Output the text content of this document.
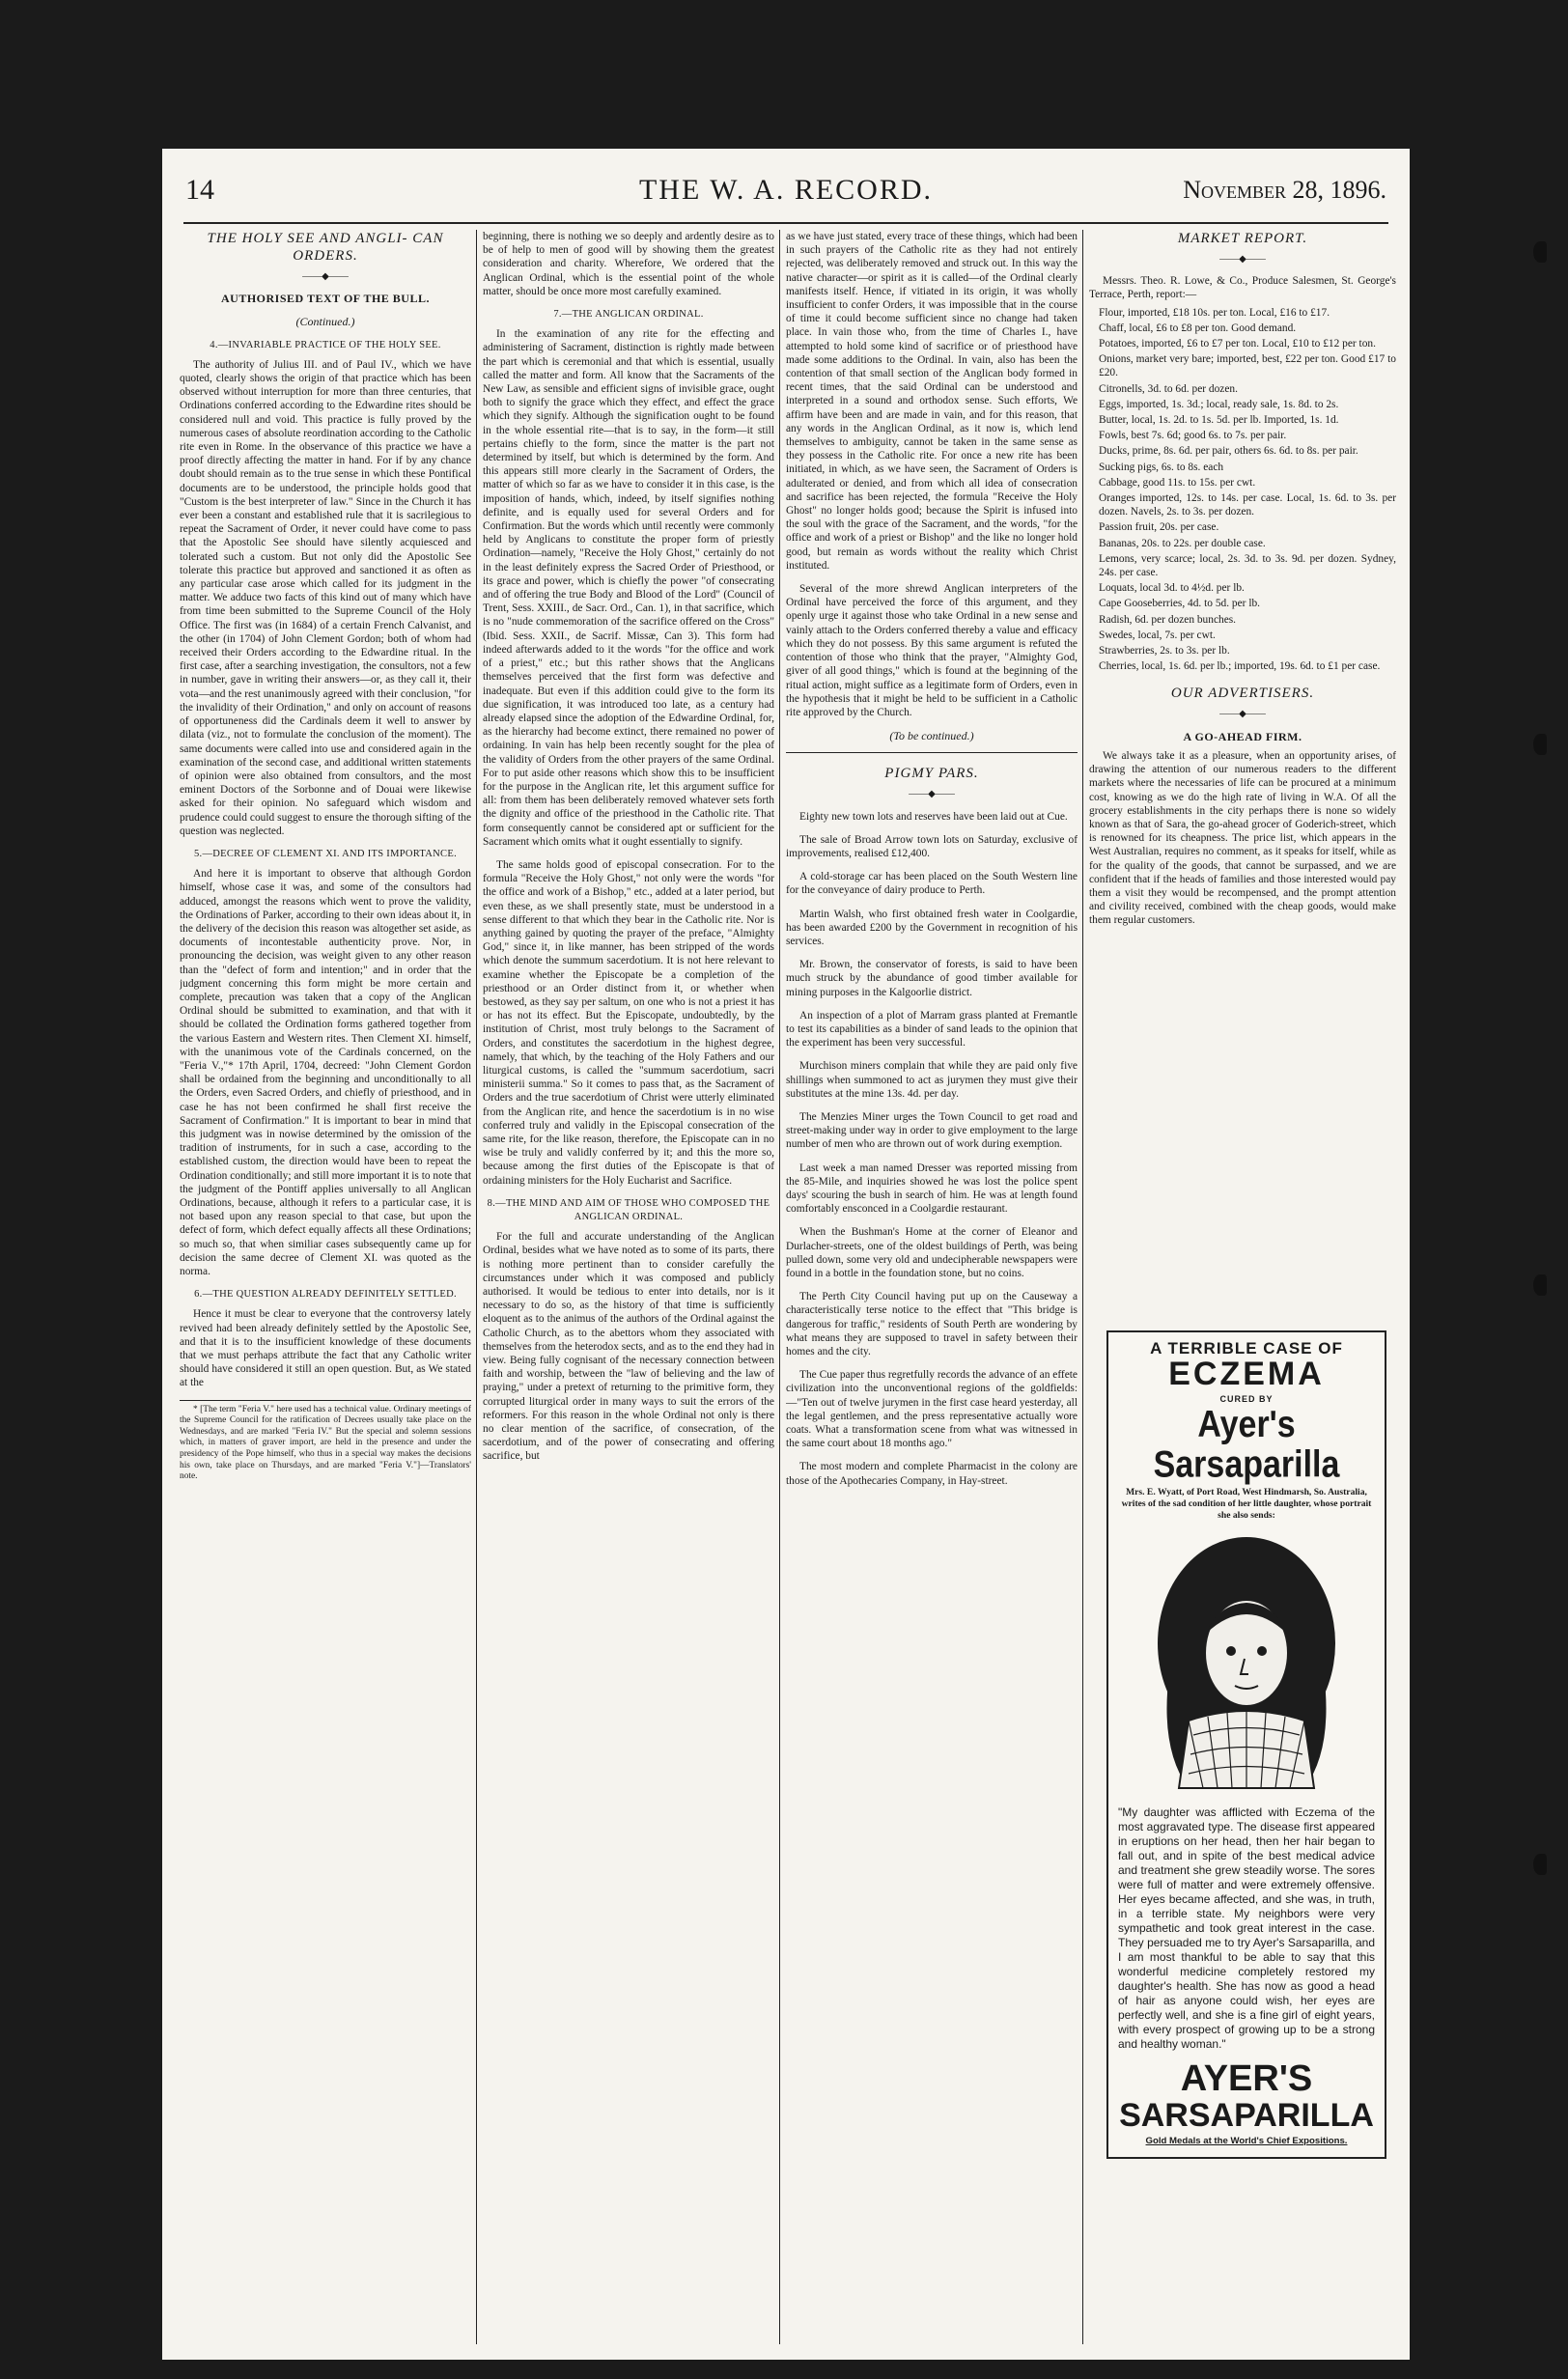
14	THE W. A. RECORD.	November 28, 1896.
THE HOLY SEE AND ANGLI- CAN ORDERS.
——◆——
AUTHORISED TEXT OF THE BULL.
(Continued.)
4.—INVARIABLE PRACTICE OF THE HOLY SEE.

The authority of Julius III. and of Paul IV., which we have quoted, clearly shows the origin of that practice which has been observed without interruption for more than three centuries, that Ordinations conferred according to the Edwardine rites should be considered null and void. This practice is fully proved by the numerous cases of absolute reordination according to the Catholic rite even in Rome. In the observance of this practice we have a proof directly affecting the matter in hand. For if by any chance doubt should remain as to the true sense in which these Pontifical documents are to be understood, the principle holds good that "Custom is the best interpreter of law." Since in the Church it has ever been a constant and established rule that it is sacrilegious to repeat the Sacrament of Order, it never could have come to pass that the Apostolic See should have silently acquiesced and tolerated such a custom. But not only did the Apostolic See tolerate this practice but approved and sanctioned it as often as any particular case arose which called for its judgment in the matter. We adduce two facts of this kind out of many which have from time been submitted to the Supreme Council of the Holy Office. The first was (in 1684) of a certain French Calvanist, and the other (in 1704) of John Clement Gordon; both of whom had received their Orders according to the Edwardine ritual. In the first case, after a searching investigation, the consultors, not a few in number, gave in writing their answers—or, as they call it, their vota—and the rest unanimously agreed with their conclusion, "for the invalidity of their Ordination," and only on account of reasons of opportuneness did the Cardinals deem it well to answer by dilata (viz., not to formulate the conclusion of the moment). The same documents were called into use and considered again in the examination of the second case, and additional written statements of opinion were also obtained from consultors, and the most eminent Doctors of the Sorbonne and of Douai were likewise asked for their opinion. No safeguard which wisdom and prudence could could suggest to ensure the thorough sifting of the question was neglected.

5.—DECREE OF CLEMENT XI. AND ITS IMPORTANCE.

And here it is important to observe that although Gordon himself, whose case it was, and some of the consultors had adduced, amongst the reasons which went to prove the validity, the Ordinations of Parker, according to their own ideas about it, in the delivery of the decision this reason was altogether set aside, as documents of incontestable authenticity prove. Nor, in pronouncing the decision, was weight given to any other reason than the "defect of form and intention;" and in order that the judgment concerning this form might be more certain and complete, precaution was taken that a copy of the Anglican Ordinal should be submitted to examination, and that with it should be collated the Ordination forms gathered together from the various Eastern and Western rites. Then Clement XI. himself, with the unanimous vote of the Cardinals concerned, on the "Feria V.,"* 17th April, 1704, decreed: "John Clement Gordon shall be ordained from the beginning and unconditionally to all the Orders, even Sacred Orders, and chiefly of priesthood, and in case he has not been confirmed he shall first receive the Sacrament of Confirmation." It is important to bear in mind that this judgment was in nowise determined by the omission of the tradition of instruments, for in such a case, according to the established custom, the direction would have been to repeat the Ordination conditionally; and still more important it is to note that the judgment of the Pontiff applies universally to all Anglican Ordinations, because, although it refers to a particular case, it is not based upon any reason special to that case, but upon the defect of form, which defect equally affects all these Ordinations; so much so, that when similiar cases subsequently came up for decision the same decree of Clement XI. was quoted as the norma.

6.—THE QUESTION ALREADY DEFINITELY SETTLED.

Hence it must be clear to everyone that the controversy lately revived had been already definitely settled by the Apostolic See, and that it is to the insufficient knowledge of these documents that we must perhaps attribute the fact that any Catholic writer should have considered it still an open question. But, as We stated at the

* [The term "Feria V." here used has a technical value. Ordinary meetings of the Supreme Council for the ratification of Decrees usually take place on the Wednesdays, and are marked "Feria IV." But the special and solemn sessions which, in matters of graver import, are held in the presence and under the presidency of the Pope himself, who thus in a special way makes the decisions his own, take place on Thursdays, and are marked "Feria V."]—Translators' note.

beginning, there is nothing we so deeply and ardently desire as to be of help to men of good will by showing them the greatest consideration and charity. Wherefore, We ordered that the Anglican Ordinal, which is the essential point of the whole matter, should be once more most carefully examined.

7.—THE ANGLICAN ORDINAL.

In the examination of any rite for the effecting and administering of Sacrament, distinction is rightly made between the part which is ceremonial and that which is essential, usually called the matter and form. All know that the Sacraments of the New Law, as sensible and efficient signs of invisible grace, ought both to signify the grace which they effect, and effect the grace which they signify. Although the signification ought to be found in the whole essential rite—that is to say, in the form—it still pertains chiefly to the form, since the matter is the part not determined by itself, but which is determined by the form. And this appears still more clearly in the Sacrament of Orders, the matter of which so far as we have to consider it in this case, is the imposition of hands, which, indeed, by itself signifies nothing definite, and is equally used for several Orders and for Confirmation. But the words which until recently were commonly held by Anglicans to constitute the proper form of priestly Ordination—namely, "Receive the Holy Ghost," certainly do not in the least definitely express the Sacred Order of Priesthood, or its grace and power, which is chiefly the power "of consecrating and of offering the true Body and Blood of the Lord" (Council of Trent, Sess. XXIII., de Sacr. Ord., Can. 1), in that sacrifice, which is no "nude commemoration of the sacrifice offered on the Cross" (Ibid. Sess. XXII., de Sacrif. Missæ, Can 3). This form had indeed afterwards added to it the words "for the office and work of a priest," etc.; but this rather shows that the Anglicans themselves perceived that the first form was defective and inadequate. But even if this addition could give to the form its due signification, it was introduced too late, as a century had already elapsed since the adoption of the Edwardine Ordinal, for, as the hierarchy had become extinct, there remained no power of ordaining. In vain has help been recently sought for the plea of the validity of Orders from the other prayers of the same Ordinal. For to put aside other reasons which show this to be insufficient for the purpose in the Anglican rite, let this argument suffice for all: from them has been deliberately removed whatever sets forth the dignity and office of the priesthood in the Catholic rite. That form consequently cannot be considered apt or sufficient for the Sacrament which omits what it ought essentially to signify.

The same holds good of episcopal consecration. For to the formula "Receive the Holy Ghost," not only were the words "for the office and work of a Bishop," etc., added at a later period, but even these, as we shall presently state, must be understood in a sense different to that which they bear in the Catholic rite. Nor is anything gained by quoting the prayer of the preface, "Almighty God," since it, in like manner, has been stripped of the words which denote the summum sacerdotium. It is not here relevant to examine whether the Episcopate be a completion of the priesthood or an Order distinct from it, or whether when bestowed, as they say per saltum, on one who is not a priest it has or has not its effect. But the Episcopate, undoubtedly, by the institution of Christ, most truly belongs to the Sacrament of Orders, and constitutes the sacerdotium in the highest degree, namely, that which, by the teaching of the Holy Fathers and our liturgical customs, is called the "summum sacerdotium, sacri ministerii summa." So it comes to pass that, as the Sacrament of Orders and the true sacerdotium of Christ were utterly eliminated from the Anglican rite, and hence the sacerdotium is in no wise conferred truly and validly in the Episcopal consecration of the same rite, for the like reason, therefore, the Episcopate can in no wise be truly and validly conferred by it; and this the more so, because among the first duties of the Episcopate is that of ordaining ministers for the Holy Eucharist and Sacrifice.

8.—THE MIND AND AIM OF THOSE WHO COMPOSED THE ANGLICAN ORDINAL.

For the full and accurate understanding of the Anglican Ordinal, besides what we have noted as to some of its parts, there is nothing more pertinent than to consider carefully the circumstances under which it was composed and publicly authorised. It would be tedious to enter into details, nor is it necessary to do so, as the history of that time is sufficiently eloquent as to the animus of the authors of the Ordinal against the Catholic Church, as to the abettors whom they associated with themselves from the heterodox sects, and as to the end they had in view. Being fully cognisant of the necessary connection between faith and worship, between the "law of believing and the law of praying," under a pretext of returning to the primitive form, they corrupted liturgical order in many ways to suit the errors of the reformers. For this reason in the whole Ordinal not only is there no clear mention of the sacrifice, of consecration, of the sacerdotium, and of the power of consecrating and offering sacrifice, but

as we have just stated, every trace of these things, which had been in such prayers of the Catholic rite as they had not entirely rejected, was deliberately removed and struck out. In this way the native character—or spirit as it is called—of the Ordinal clearly manifests itself. Hence, if vitiated in its origin, it was wholly insufficient to confer Orders, it was impossible that in the course of time it could become sufficient since no change had taken place. In vain those who, from the time of Charles I., have attempted to hold some kind of sacrifice or of priesthood have made some additions to the Ordinal. In vain, also has been the contention of that small section of the Anglican body formed in recent times, that the said Ordinal can be understood and interpreted in a sound and orthodox sense. Such efforts, We affirm have been and are made in vain, and for this reason, that any words in the Anglican Ordinal, as it now is, which lend themselves to ambiguity, cannot be taken in the same sense as they possess in the Catholic rite. For once a new rite has been initiated, in which, as we have seen, the Sacrament of Orders is adulterated or denied, and from which all idea of consecration and sacrifice has been rejected, the formula "Receive the Holy Ghost" no longer holds good; because the Spirit is infused into the soul with the grace of the Sacrament, and the words, "for the office and work of a priest or Bishop" and the like no longer hold good, but remain as words without the reality which Christ instituted.

Several of the more shrewd Anglican interpreters of the Ordinal have perceived the force of this argument, and they openly urge it against those who take Ordinal in a new sense and vainly attach to the Orders conferred thereby a value and efficacy which they do not possess. By this same argument is refuted the contention of those who think that the prayer, "Almighty God, giver of all good things," which is found at the beginning of the ritual action, might suffice as a legitimate form of Orders, even in the hypothesis that it might be held to be sufficient in a Catholic rite approved by the Church.

(To be continued.)
PIGMY PARS.
——◆——

Eighty new town lots and reserves have been laid out at Cue.

The sale of Broad Arrow town lots on Saturday, exclusive of improvements, realised £12,400.

A cold-storage car has been placed on the South Western line for the conveyance of dairy produce to Perth.

Martin Walsh, who first obtained fresh water in Coolgardie, has been awarded £200 by the Government in recognition of his services.

Mr. Brown, the conservator of forests, is said to have been much struck by the abundance of good timber available for mining purposes in the Kalgoorlie district.

An inspection of a plot of Marram grass planted at Fremantle to test its capabilities as a binder of sand leads to the opinion that the experiment has been very successful.

Murchison miners complain that while they are paid only five shillings when summoned to act as jurymen they must give their substitutes at the mine 13s. 4d. per day.

The Menzies Miner urges the Town Council to get road and street-making under way in order to give employment to the large number of men who are thrown out of work during exemption.

Last week a man named Dresser was reported missing from the 85-Mile, and inquiries showed he was lost the police spent days' scouring the bush in search of him. He was at length found comfortably ensconced in a Coolgardie restaurant.

When the Bushman's Home at the corner of Eleanor and Durlacher-streets, one of the oldest buildings of Perth, was being pulled down, some very old and undecipherable newspapers were found in a bottle in the foundation stone, but no coins.

The Perth City Council having put up on the Causeway a characteristically terse notice to the effect that "This bridge is dangerous for traffic," residents of South Perth are wondering by what means they are supposed to travel in safety between their homes and the city.

The Cue paper thus regretfully records the advance of an effete civilization into the unconventional regions of the goldfields:—"Ten out of twelve jurymen in the first case heard yesterday, all the legal gentlemen, and the press representative actually wore coats. What a transformation scene from what was witnessed in the same court about 18 months ago."

The most modern and complete Pharmacist in the colony are those of the Apothecaries Company, in Hay-street.

MARKET REPORT.
——◆——

Messrs. Theo. R. Lowe, & Co., Produce Salesmen, St. George's Terrace, Perth, report:—

Flour, imported, £18 10s. per ton. Local, £16 to £17.

Chaff, local, £6 to £8 per ton. Good demand.

Potatoes, imported, £6 to £7 per ton. Local, £10 to £12 per ton.

Onions, market very bare; imported, best, £22 per ton. Good £17 to £20.

Citronells, 3d. to 6d. per dozen.

Eggs, imported, 1s. 3d.; local, ready sale, 1s. 8d. to 2s.

Butter, local, 1s. 2d. to 1s. 5d. per lb. Imported, 1s. 1d.

Fowls, best 7s. 6d; good 6s. to 7s. per pair.

Ducks, prime, 8s. 6d. per pair, others 6s. 6d. to 8s. per pair.

Sucking pigs, 6s. to 8s. each

Cabbage, good 11s. to 15s. per cwt.

Oranges imported, 12s. to 14s. per case. Local, 1s. 6d. to 3s. per dozen. Navels, 2s. to 3s. per dozen.

Passion fruit, 20s. per case.

Bananas, 20s. to 22s. per double case.

Lemons, very scarce; local, 2s. 3d. to 3s. 9d. per dozen. Sydney, 24s. per case.

Loquats, local 3d. to 4½d. per lb.

Cape Gooseberries, 4d. to 5d. per lb.

Radish, 6d. per dozen bunches.

Swedes, local, 7s. per cwt.

Strawberries, 2s. to 3s. per lb.

Cherries, local, 1s. 6d. per lb.; imported, 19s. 6d. to £1 per case.

OUR ADVERTISERS.
——◆——
A GO-AHEAD FIRM.

We always take it as a pleasure, when an opportunity arises, of drawing the attention of our numerous readers to the different markets where the necessaries of life can be procured at a minimum cost, knowing as we do the high rate of living in W.A. Of all the grocery establishments in the city perhaps there is none so widely known as that of Sara, the go-ahead grocer of Goderich-street, which is renowned for its cheapness. The price list, which appears in the West Australian, requires no comment, as it speaks for itself, while as for the quality of the goods, that cannot be surpassed, and we are confident that if the heads of families and those interested would pay them a visit they would be recompensed, and the prompt attention and civility received, combined with the cheap goods, would make them regular customers.

A TERRIBLE CASE OF
ECZEMA
CURED BY
Ayer's Sarsaparilla
Mrs. E. Wyatt, of Port Road, West Hindmarsh, So. Australia, writes of the sad condition of her little daughter, whose portrait she also sends:
"My daughter was afflicted with Eczema of the most aggravated type. The disease first appeared in eruptions on her head, then her hair began to fall out, and in spite of the best medical advice and treatment she grew steadily worse. The sores were full of matter and were extremely offensive. Her eyes became affected, and she was, in truth, in a terrible state. My neighbors were very sympathetic and took great interest in the case. They persuaded me to try Ayer's Sarsaparilla, and I am most thankful to be able to say that this wonderful medicine completely restored my daughter's health. She has now as good a head of hair as anyone could wish, her eyes are perfectly well, and she is a fine girl of eight years, with every prospect of growing up to be a strong and healthy woman."
AYER'S
SARSAPARILLA
Gold Medals at the World's Chief Expositions.
